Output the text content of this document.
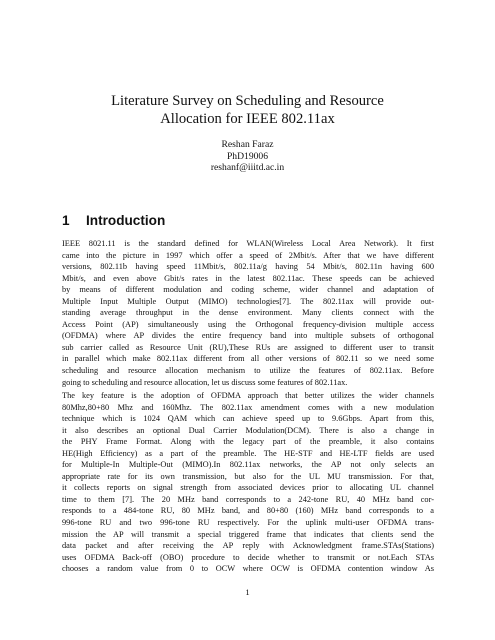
Literature Survey on Scheduling and Resource
Allocation for IEEE 802.11ax
Reshan Faraz
PhD19006
reshanf@iiitd.ac.in
1 Introduction
IEEE 8021.11 is the standard defined for WLAN(Wireless Local Area Network). It first
came into the picture in 1997 which offer a speed of 2Mbit/s. After that we have different
versions, 802.11b having speed 11Mbit/s, 802.11a/g having 54 Mbit/s, 802.11n having 600
Mbit/s, and even above Gbit/s rates in the latest 802.11ac. These speeds can be achieved
by means of different modulation and coding scheme, wider channel and adaptation of
Multiple Input Multiple Output (MIMO) technologies[7]. The 802.11ax will provide out-
standing average throughput in the dense environment. Many clients connect with the
Access Point (AP) simultaneously using the Orthogonal frequency-division multiple access
(OFDMA) where AP divides the entire frequency band into multiple subsets of orthogonal
sub carrier called as Resource Unit (RU),These RUs are assigned to different user to transit
in parallel which make 802.11ax different from all other versions of 802.11 so we need some
scheduling and resource allocation mechanism to utilize the features of 802.11ax. Before
going to scheduling and resource allocation, let us discuss some features of 802.11ax.
The key feature is the adoption of OFDMA approach that better utilizes the wider channels
80Mhz,80+80 Mhz and 160Mhz. The 802.11ax amendment comes with a new modulation
technique which is 1024 QAM which can achieve speed up to 9.6Gbps. Apart from this,
it also describes an optional Dual Carrier Modulation(DCM). There is also a change in
the PHY Frame Format. Along with the legacy part of the preamble, it also contains
HE(High Efficiency) as a part of the preamble. The HE-STF and HE-LTF fields are used
for Multiple-In Multiple-Out (MIMO).In 802.11ax networks, the AP not only selects an
appropriate rate for its own transmission, but also for the UL MU transmission. For that,
it collects reports on signal strength from associated devices prior to allocating UL channel
time to them [7]. The 20 MHz band corresponds to a 242-tone RU, 40 MHz band cor-
responds to a 484-tone RU, 80 MHz band, and 80+80 (160) MHz band corresponds to a
996-tone RU and two 996-tone RU respectively. For the uplink multi-user OFDMA trans-
mission the AP will transmit a special triggered frame that indicates that clients send the
data packet and after receiving the AP reply with Acknowledgment frame.STAs(Stations)
uses OFDMA Back-off (OBO) procedure to decide whether to transmit or not.Each STAs
chooses a random value from 0 to OCW where OCW is OFDMA contention window As
1
